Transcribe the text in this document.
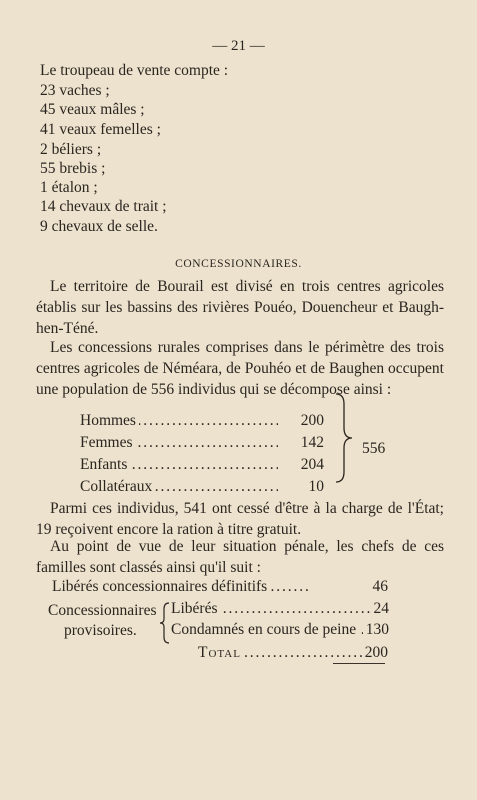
— 21 —
Le troupeau de vente compte :
23 vaches ;
45 veaux mâles ;
41 veaux femelles ;
2 béliers ;
55 brebis ;
1 étalon ;
14 chevaux de trait ;
9 chevaux de selle.
CONCESSIONNAIRES.

Le territoire de Bourail est divisé en trois centres agricoles établis sur les bassins des rivières Pouéo, Douencheur et Baugh-hen-Téné.

Les concessions rurales comprises dans le périmètre des trois centres agricoles de Néméara, de Pouhéo et de Baughen occupent une population de 556 individus qui se décompose ainsi :

. . .
Hommes	200
. . .
Femmes	142
. . .
Enfants	204
. . .
Collatéraux	10
556

Parmi ces individus, 541 ont cessé d'être à la charge de l'État; 19 reçoivent encore la ration à titre gratuit.

Au point de vue de leur situation pénale, les chefs de ces familles sont classés ainsi qu'il suit :

. . .
Libérés concessionnaires définitifs	46
Concessionnaires
provisoires.
. . .
Libérés	24
. . .
Condamnés en cours de peine 130
. . .
Total	200
